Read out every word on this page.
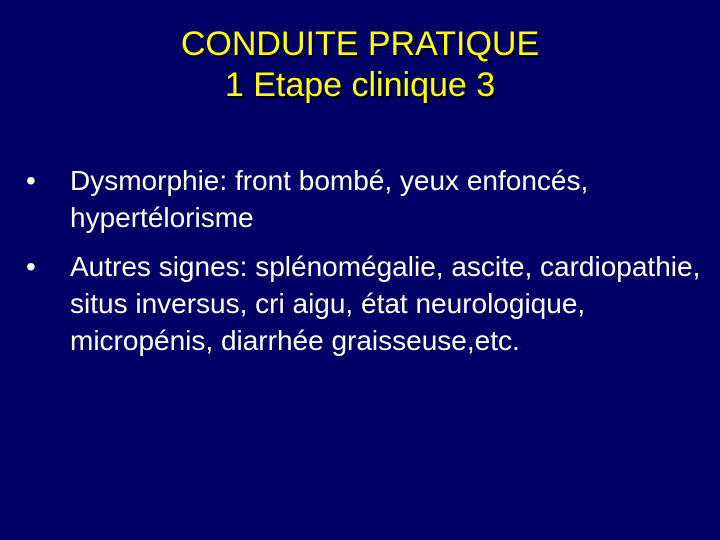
CONDUITE PRATIQUE
1 Etape clinique 3
• Dysmorphie: front bombé, yeux enfoncés, hypertélorisme
• Autres signes: splénomégalie, ascite, cardiopathie, situs inversus, cri aigu, état neurologique, micropénis, diarrhée graisseuse,etc.
